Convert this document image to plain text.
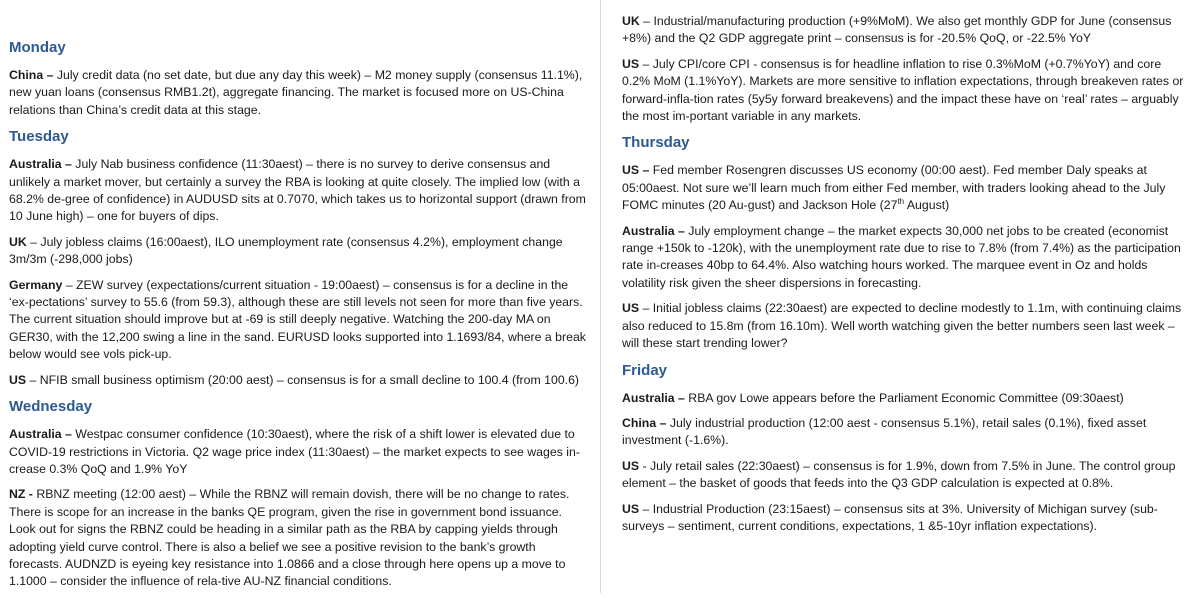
Monday

China – July credit data (no set date, but due any day this week) – M2 money supply (consensus 11.1%), new yuan loans (consensus RMB1.2t), aggregate financing. The market is focused more on US-China relations than China’s credit data at this stage.

Tuesday

Australia – July Nab business confidence (11:30aest) – there is no survey to derive consensus and unlikely a market mover, but certainly a survey the RBA is looking at quite closely. The implied low (with a 68.2% de-gree of confidence) in AUDUSD sits at 0.7070, which takes us to horizontal support (drawn from 10 June high) – one for buyers of dips.

UK – July jobless claims (16:00aest), ILO unemployment rate (consensus 4.2%), employment change 3m/3m (-298,000 jobs)

Germany – ZEW survey (expectations/current situation - 19:00aest) – consensus is for a decline in the ‘ex-pectations’ survey to 55.6 (from 59.3), although these are still levels not seen for more than five years. The current situation should improve but at -69 is still deeply negative. Watching the 200-day MA on GER30, with the 12,200 swing a line in the sand. EURUSD looks supported into 1.1693/84, where a break below would see vols pick-up.

US – NFIB small business optimism (20:00 aest) – consensus is for a small decline to 100.4 (from 100.6)

Wednesday

Australia – Westpac consumer confidence (10:30aest), where the risk of a shift lower is elevated due to COVID-19 restrictions in Victoria. Q2 wage price index (11:30aest) – the market expects to see wages in-crease 0.3% QoQ and 1.9% YoY

NZ - RBNZ meeting (12:00 aest) – While the RBNZ will remain dovish, there will be no change to rates. There is scope for an increase in the banks QE program, given the rise in government bond issuance. Look out for signs the RBNZ could be heading in a similar path as the RBA by capping yields through adopting yield curve control. There is also a belief we see a positive revision to the bank’s growth forecasts. AUDNZD is eyeing key resistance into 1.0866 and a close through here opens up a move to 1.1000 – consider the influence of rela-tive AU-NZ financial conditions.

UK – Industrial/manufacturing production (+9%MoM). We also get monthly GDP for June (consensus +8%) and the Q2 GDP aggregate print – consensus is for -20.5% QoQ, or -22.5% YoY

US – July CPI/core CPI - consensus is for headline inflation to rise 0.3%MoM (+0.7%YoY) and core 0.2% MoM (1.1%YoY). Markets are more sensitive to inflation expectations, through breakeven rates or forward-infla-tion rates (5y5y forward breakevens) and the impact these have on ‘real’ rates – arguably the most im-portant variable in any markets.

Thursday

US – Fed member Rosengren discusses US economy (00:00 aest). Fed member Daly speaks at 05:00aest. Not sure we’ll learn much from either Fed member, with traders looking ahead to the July FOMC minutes (20 Au-gust) and Jackson Hole (27th August)

Australia – July employment change – the market expects 30,000 net jobs to be created (economist range +150k to -120k), with the unemployment rate due to rise to 7.8% (from 7.4%) as the participation rate in-creases 40bp to 64.4%. Also watching hours worked. The marquee event in Oz and holds volatility risk given the sheer dispersions in forecasting.

US – Initial jobless claims (22:30aest) are expected to decline modestly to 1.1m, with continuing claims also reduced to 15.8m (from 16.10m). Well worth watching given the better numbers seen last week – will these start trending lower?

Friday

Australia – RBA gov Lowe appears before the Parliament Economic Committee (09:30aest)

China – July industrial production (12:00 aest - consensus 5.1%), retail sales (0.1%), fixed asset investment (-1.6%).

US - July retail sales (22:30aest) – consensus is for 1.9%, down from 7.5% in June. The control group element – the basket of goods that feeds into the Q3 GDP calculation is expected at 0.8%.

US – Industrial Production (23:15aest) – consensus sits at 3%. University of Michigan survey (sub-surveys – sentiment, current conditions, expectations, 1 &5-10yr inflation expectations).
